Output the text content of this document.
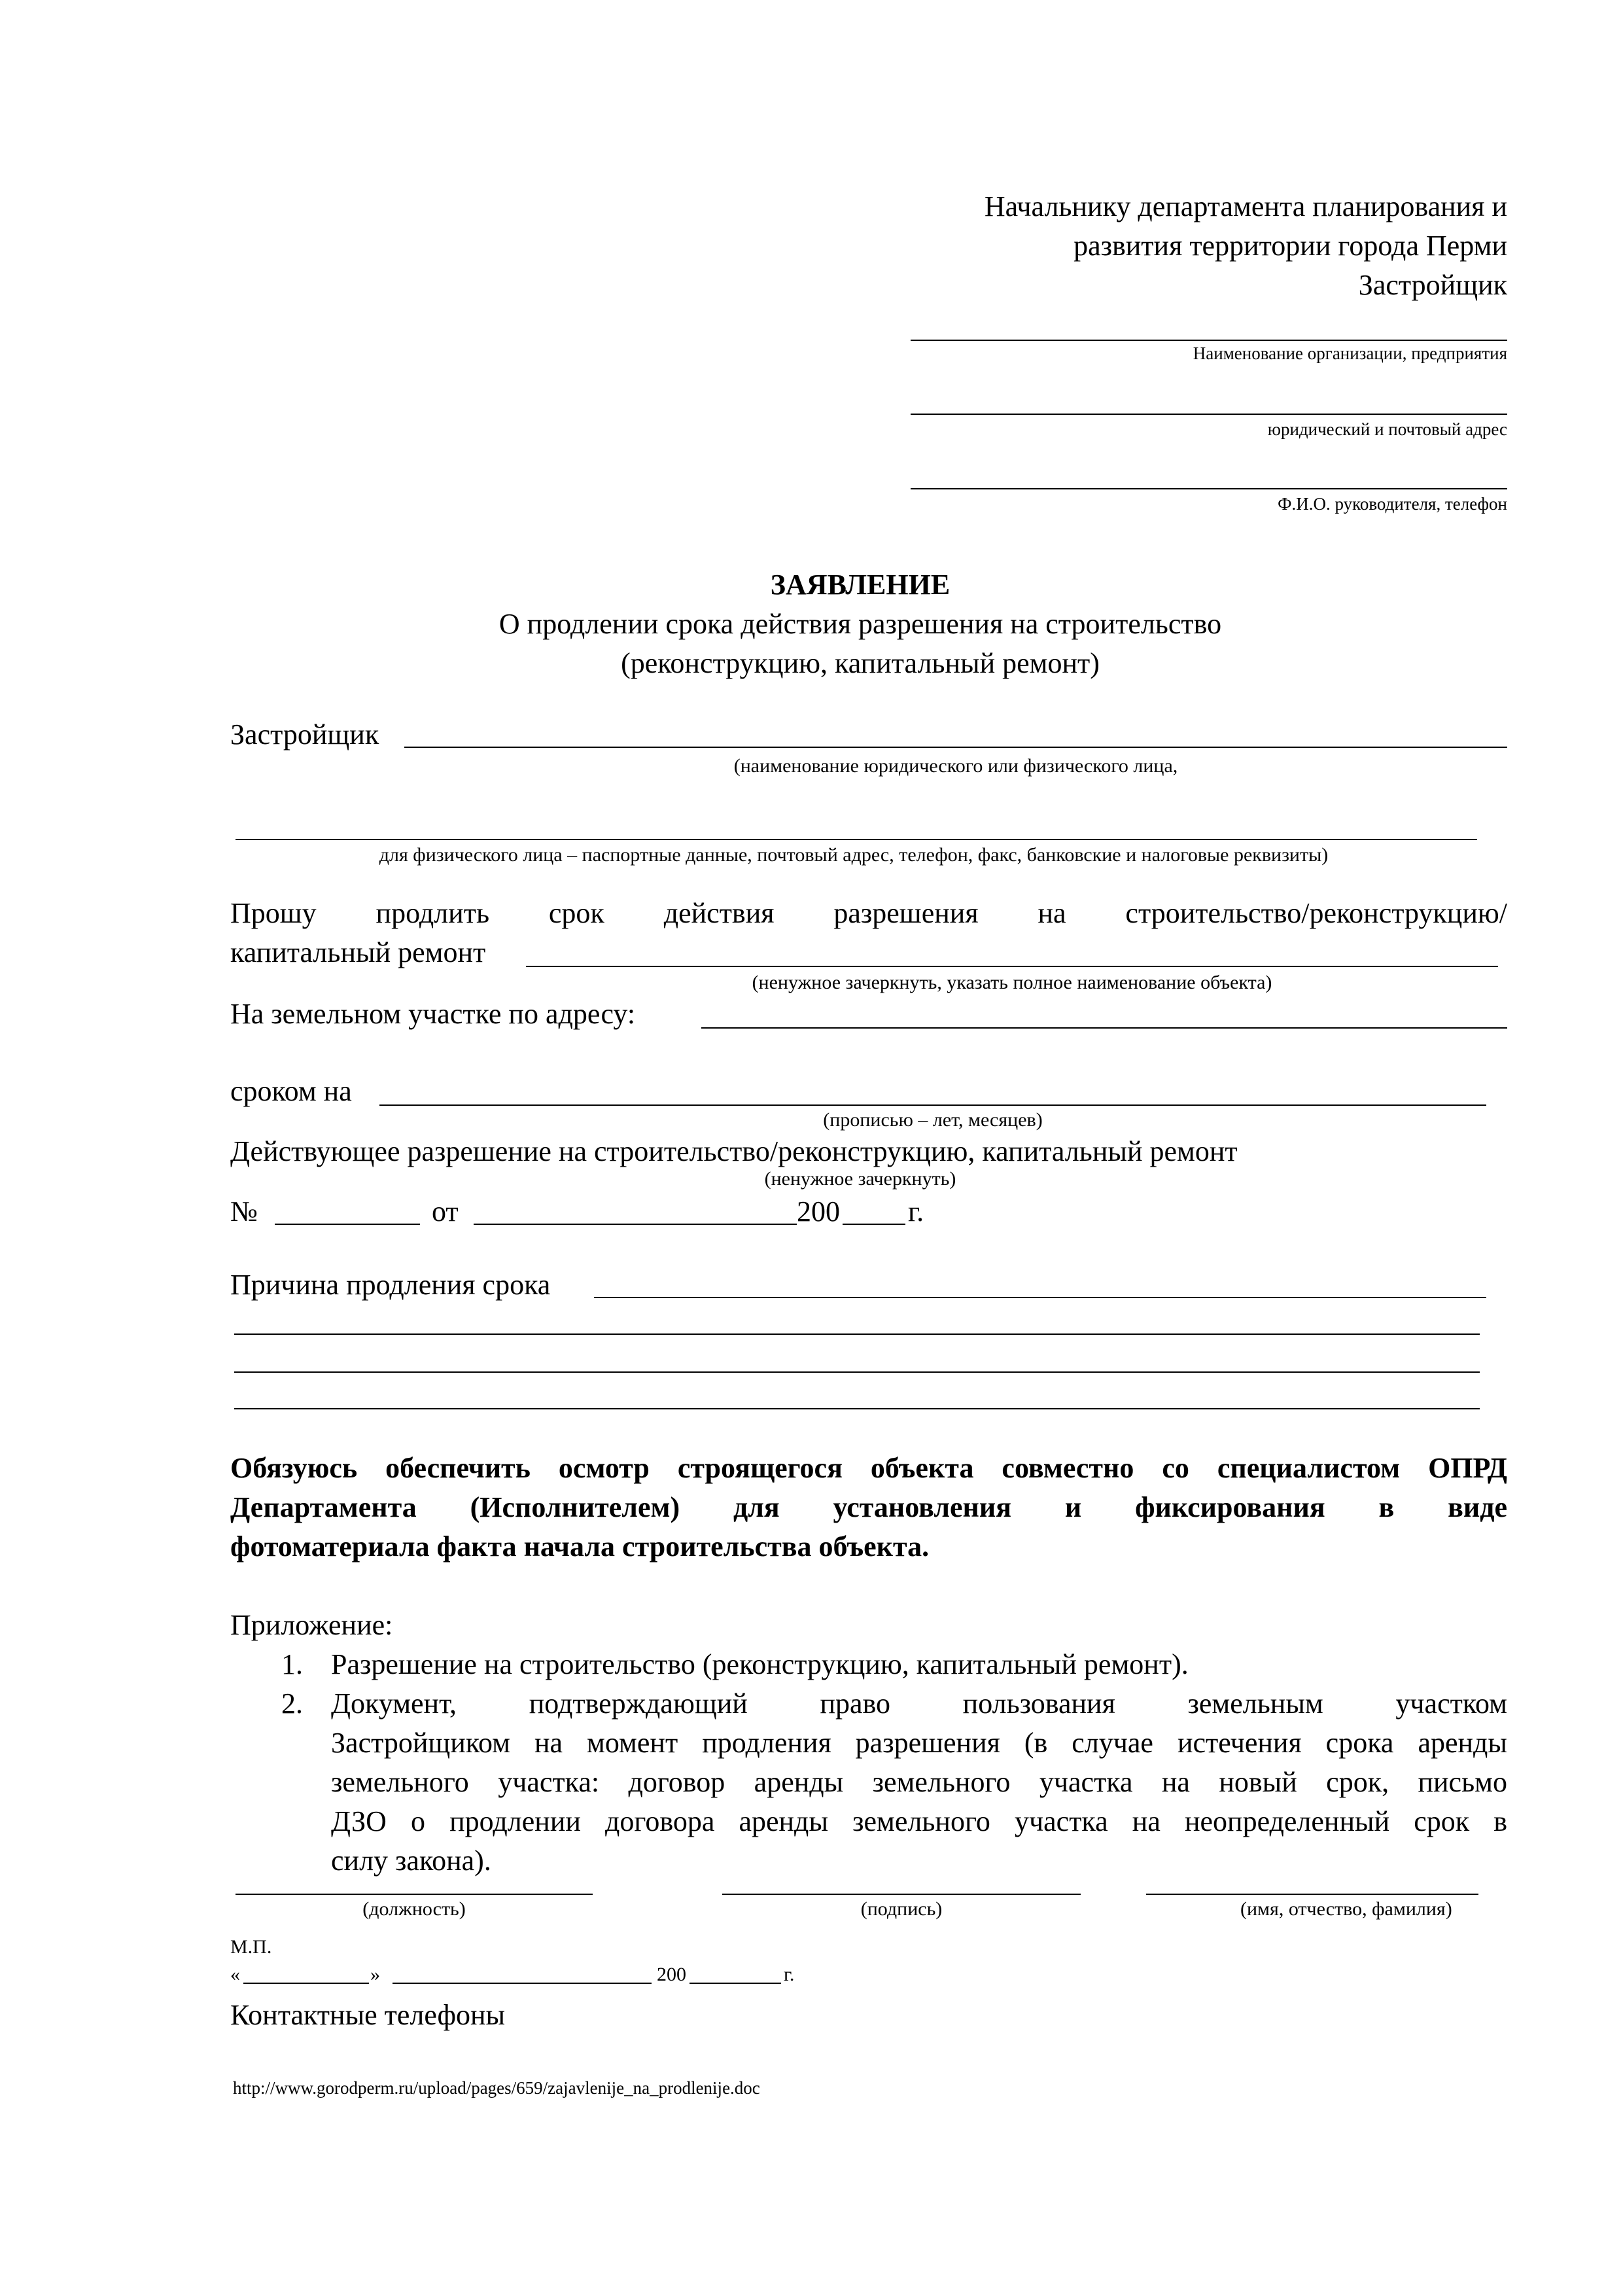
Начальнику департамента планирования и
развития территории города Перми
Застройщик
Наименование организации, предприятия
юридический и почтовый адрес
Ф.И.О. руководителя, телефон
ЗАЯВЛЕНИЕ
О продлении срока действия разрешения на строительство
(реконструкцию, капитальный ремонт)
Застройщик
(наименование юридического или физического лица,
для физического лица – паспортные данные, почтовый адрес, телефон, факс, банковские и налоговые реквизиты)
Прошу продлить срок действия разрешения на строительство/реконструкцию/
капитальный ремонт
(ненужное зачеркнуть, указать полное наименование объекта)
На земельном участке по адресу:
сроком на
(прописью – лет, месяцев)
Действующее разрешение на строительство/реконструкцию, капитальный ремонт
(ненужное зачеркнуть)
№	от	200 г.
Причина продления срока
Обязуюсь обеспечить осмотр строящегося объекта совместно со специалистом ОПРД
Департамента (Исполнителем) для установления и фиксирования в виде
фотоматериала факта начала строительства объекта.
Приложение:
1. Разрешение на строительство (реконструкцию, капитальный ремонт).
2. Документ, подтверждающий право пользования земельным участком
Застройщиком на момент продления разрешения (в случае истечения срока аренды
земельного участка: договор аренды земельного участка на новый срок, письмо
ДЗО о продлении договора аренды земельного участка на неопределенный срок в
силу закона).
(должность)	(подпись)	(имя, отчество, фамилия)
М.П.
«	»	200	г.
Контактные телефоны
http://www.gorodperm.ru/upload/pages/659/zajavlenije_na_prodlenije.doc
